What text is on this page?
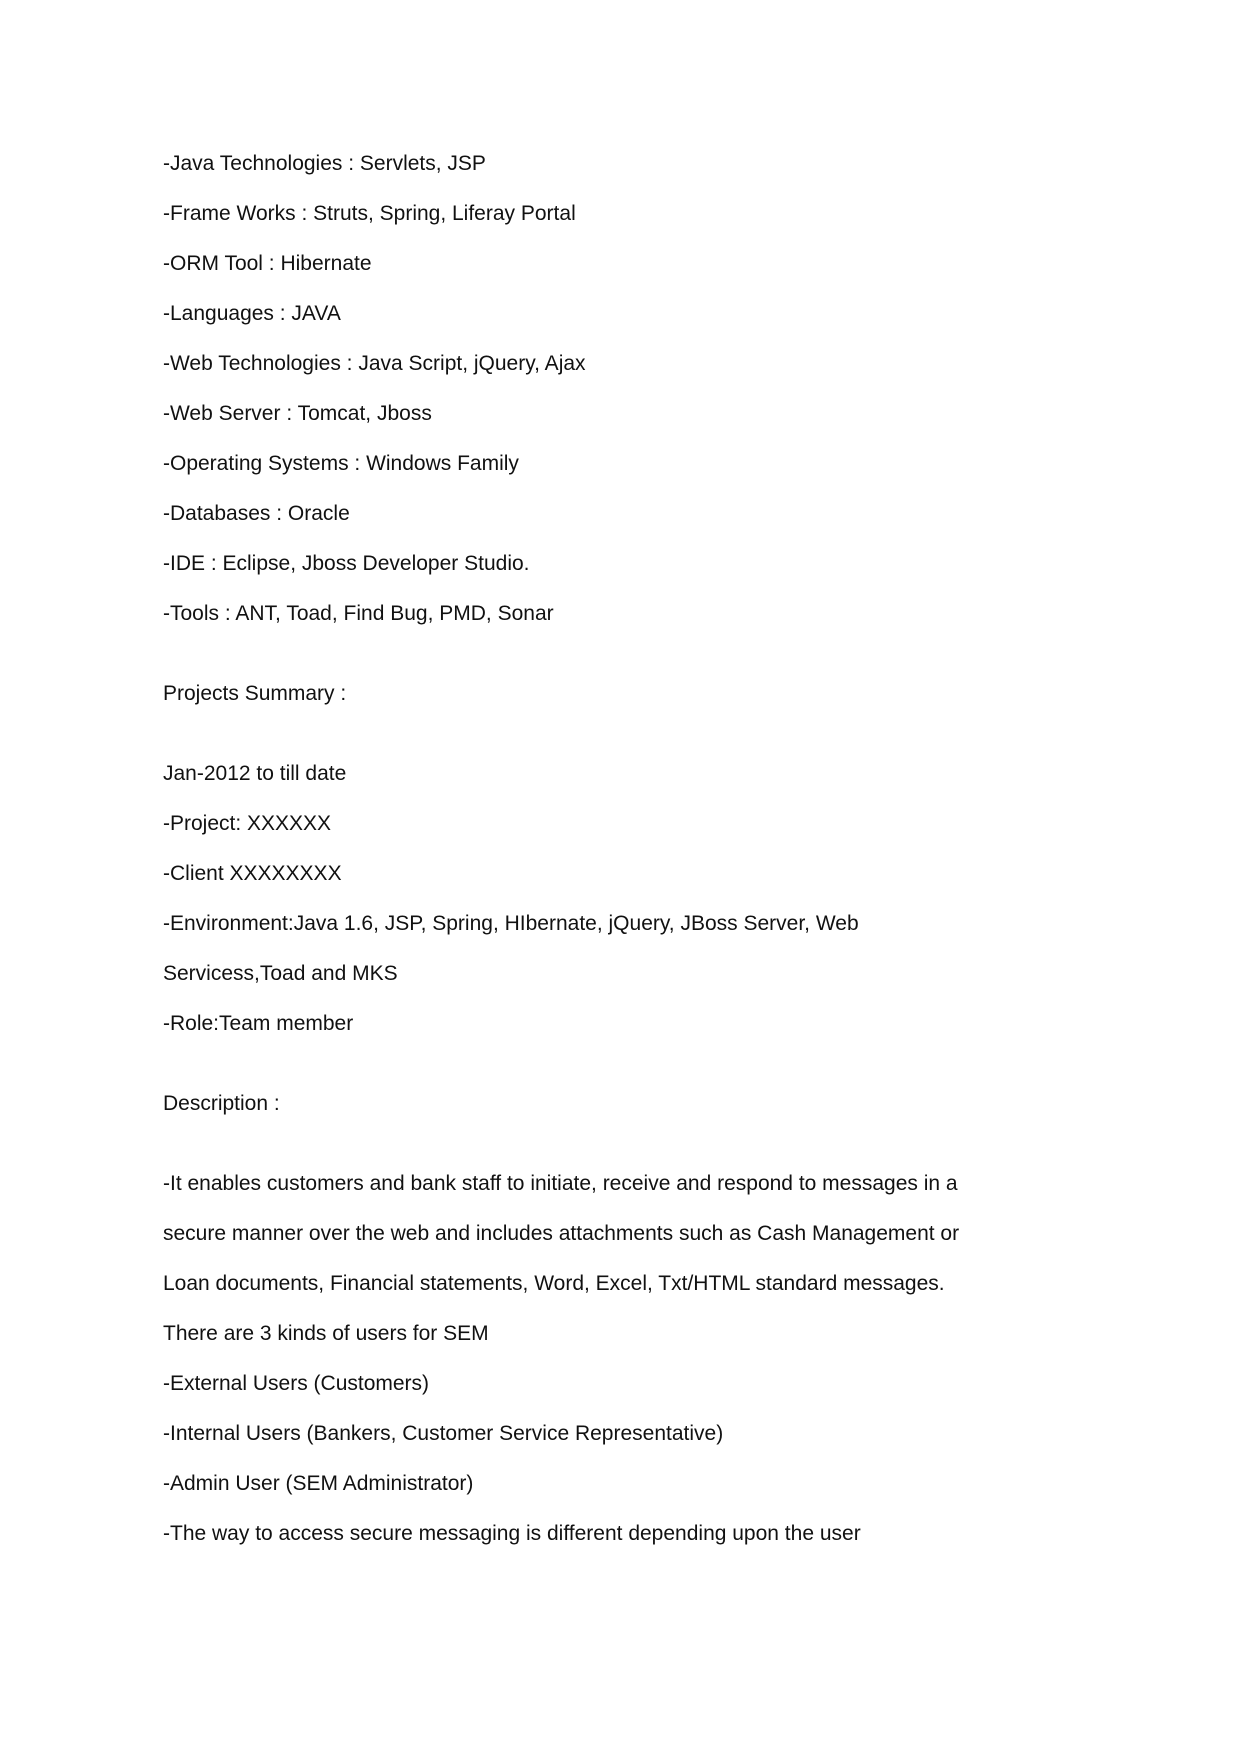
-Java Technologies : Servlets, JSP
-Frame Works : Struts, Spring, Liferay Portal
-ORM Tool : Hibernate
-Languages : JAVA
-Web Technologies : Java Script, jQuery, Ajax
-Web Server : Tomcat, Jboss
-Operating Systems : Windows Family
-Databases : Oracle
-IDE : Eclipse, Jboss Developer Studio.
-Tools : ANT, Toad, Find Bug, PMD, Sonar
Projects Summary :
Jan-2012 to till date
-Project: XXXXXX
-Client XXXXXXXX
-Environment:Java 1.6, JSP, Spring, HIbernate, jQuery, JBoss Server, Web
Servicess,Toad and MKS
-Role:Team member
Description :
-It enables customers and bank staff to initiate, receive and respond to messages in a
secure manner over the web and includes attachments such as Cash Management or
Loan documents, Financial statements, Word, Excel, Txt/HTML standard messages.
There are 3 kinds of users for SEM
-External Users (Customers)
-Internal Users (Bankers, Customer Service Representative)
-Admin User (SEM Administrator)
-The way to access secure messaging is different depending upon the user
